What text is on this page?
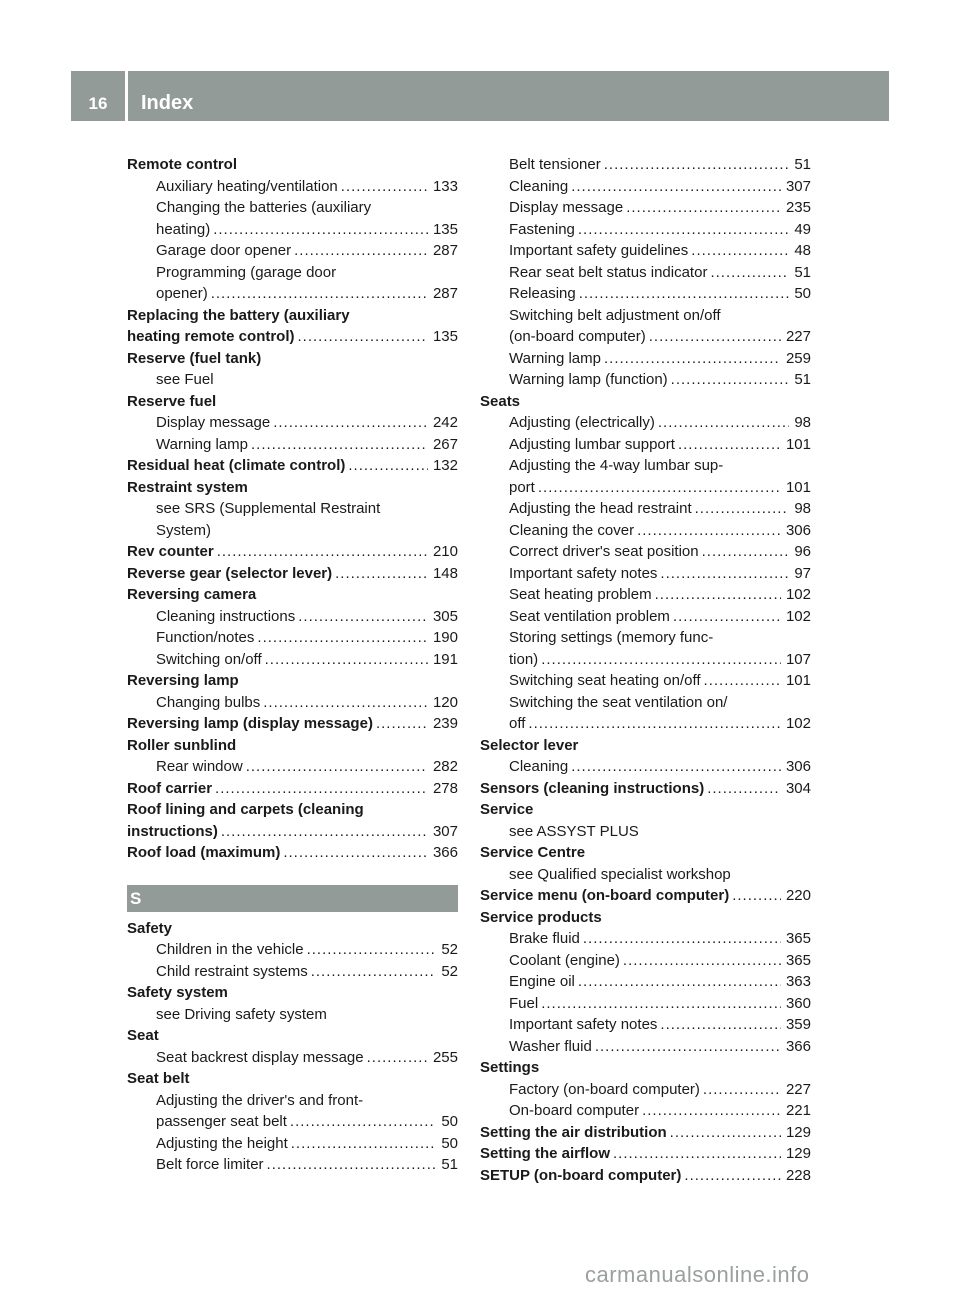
16	Index
Remote control
Auxiliary heating/ventilation .....	133
Changing the batteries (auxiliary
heating) .....	135
Garage door opener .....	287
Programming (garage door
opener) .....	287
Replacing the battery (auxiliary
heating remote control) .....	135
Reserve (fuel tank)
see Fuel
Reserve fuel
Display message .....	242
Warning lamp .....	267
Residual heat (climate control) .....	132
Restraint system
see SRS (Supplemental Restraint
System)
Rev counter .....	210
Reverse gear (selector lever) .....	148
Reversing camera
Cleaning instructions .....	305
Function/notes .....	190
Switching on/off .....	191
Reversing lamp
Changing bulbs .....	120
Reversing lamp (display message) .....	239
Roller sunblind
Rear window .....	282
Roof carrier .....	278
Roof lining and carpets (cleaning
instructions) .....	307
Roof load (maximum) .....	366
S
Safety
Children in the vehicle .....	52
Child restraint systems .....	52
Safety system
see Driving safety system
Seat
Seat backrest display message .....	255
Seat belt
Adjusting the driver's and front-
passenger seat belt .....	50
Adjusting the height .....	50
Belt force limiter .....	51
Belt tensioner .....	51
Cleaning .....	307
Display message .....	235
Fastening .....	49
Important safety guidelines .....	48
Rear seat belt status indicator .....	51
Releasing .....	50
Switching belt adjustment on/off
(on-board computer) .....	227
Warning lamp .....	259
Warning lamp (function) .....	51
Seats
Adjusting (electrically) .....	98
Adjusting lumbar support .....	101
Adjusting the 4-way lumbar sup-
port .....	101
Adjusting the head restraint .....	98
Cleaning the cover .....	306
Correct driver's seat position .....	96
Important safety notes .....	97
Seat heating problem .....	102
Seat ventilation problem .....	102
Storing settings (memory func-
tion) .....	107
Switching seat heating on/off .....	101
Switching the seat ventilation on/
off .....	102
Selector lever
Cleaning .....	306
Sensors (cleaning instructions) .....	304
Service
see ASSYST PLUS
Service Centre
see Qualified specialist workshop
Service menu (on-board computer) .....	220
Service products
Brake fluid .....	365
Coolant (engine) .....	365
Engine oil .....	363
Fuel .....	360
Important safety notes .....	359
Washer fluid .....	366
Settings
Factory (on-board computer) .....	227
On-board computer .....	221
Setting the air distribution .....	129
Setting the airflow .....	129
SETUP (on-board computer) .....	228
carmanualsonline.info
